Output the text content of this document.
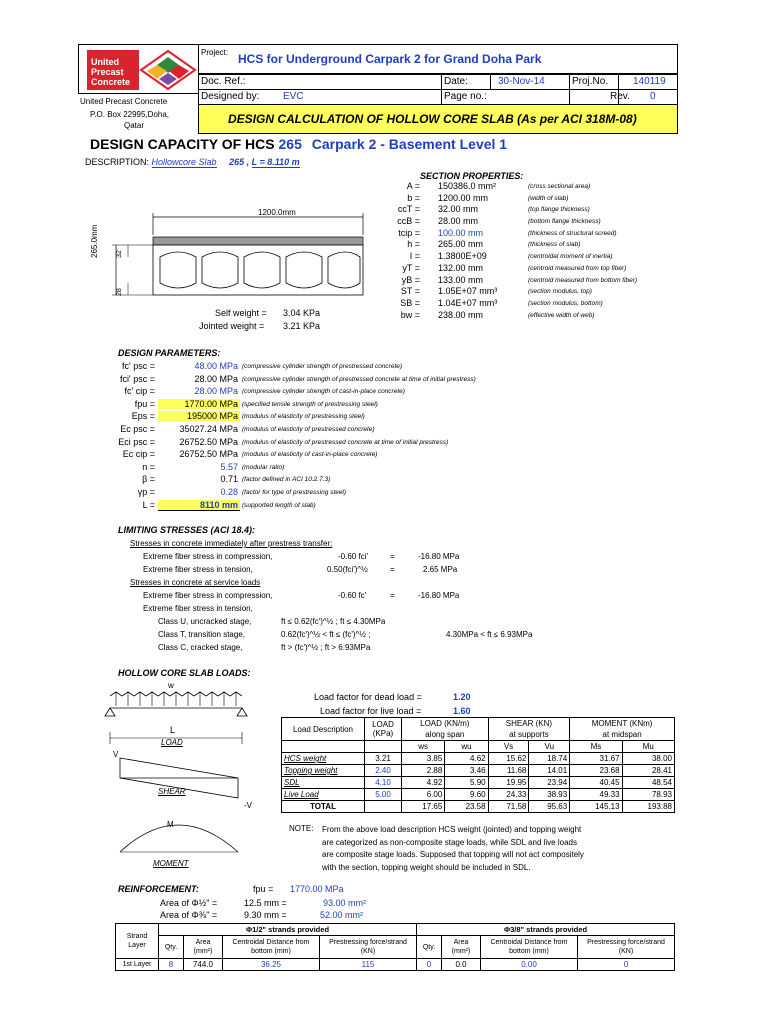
United
Precast
Concrete
United Precast Concrete
P.O. Box 22995,Doha,
Qatar
Project: HCS for Underground Carpark 2 for Grand Doha Park
Doc. Ref.:	Date:	30-Nov-14	Proj.No. 140119
Designed by: EVC	Page no.:	Rev. 0
DESIGN CALCULATION OF HOLLOW CORE SLAB (As per ACI 318M-08)
DESIGN CAPACITY OF HCS 265 Carpark 2 - Basement Level 1
DESCRIPTION: Hollowcore Slab 265 , L = 8.110 m
SECTION PROPERTIES:
A = 150386.0 mm²	(cross sectional area)
b = 1200.00 mm	(width of slab)
ccT = 32.00 mm	(top flange thickness)
ccB = 28.00 mm	(bottom flange thickness)
tcip = 100.00 mm	(thickness of structural screed)
h = 265.00 mm	(thickness of slab)
I = 1.3800E+09	(centroidal moment of inertia)
yT = 132.00 mm	(centroid measured from top fiber)
yB = 133.00 mm	(centroid measured from bottom fiber)
ST = 1.05E+07 mm³	(section modulus, top)
SB = 1.04E+07 mm³	(section modulus, bottom)
bw = 238.00 mm	(effective width of web)
1200.0mm
265.0mm 32
28
Self weight = 3.04 KPa
Jointed weight = 3.21 KPa
DESIGN PARAMETERS:
fc' psc =	48.00 MPa (compressive cylinder strength of prestressed concrete)
fci' psc =	28.00 MPa (compressive cylinder strength of prestressed concrete at time of initial prestress)
fc' cip =	28.00 MPa (compressive cylinder strength of cast-in-place concrete)
fpu =	1770.00 MPa (specified tensile strength of prestressing steel)
Eps =	195000 MPa (modulus of elasticity of prestressing steel)
Ec psc =	35027.24 MPa (modulus of elasticity of prestressed concrete)
Eci psc =	26752.50 MPa (modulus of elasticity of prestressed concrete at time of initial prestress)
Ec cip =	26752.50 MPa (modulus of elasticity of cast-in-place concrete)
n =	5.57 (modular ratio)
β =	0.71 (factor defined in ACI 10.2.7.3)
γp =	0.28 (factor for type of prestressing steel)
L =	8110 mm (supported length of slab)
LIMITING STRESSES (ACI 18.4):
Stresses in concrete immediately after prestress transfer:
Extreme fiber stress in compression,	-0.60 fci'	=	-16.80 MPa
Extreme fiber stress in tension,	0.50(fci')^½	=	2.65 MPa
Stresses in concrete at service loads
Extreme fiber stress in compression,	-0.60 fc'	=	-16.80 MPa
Extreme fiber stress in tension,
Class U, uncracked stage,	ft ≤ 0.62(fc')^½ ; ft ≤ 4.30MPa
Class T, transition stage,	0.62(fc')^½ < ft ≤ (fc')^½ ;	4.30MPa < ft ≤ 6.93MPa
Class C, cracked stage,	ft > (fc')^½ ; ft > 6.93MPa
HOLLOW CORE SLAB LOADS:
w
L
LOAD
V
-V
SHEAR
M
MOMENT
Load factor for dead load =	1.20
Load factor for live load =	1.60
Load Description	LOAD
(KPa)	LOAD (KN/m)		SHEAR (KN)		MOMENT (KNm)	
		along span		at supports		at midspan	
		ws	wu	Vs	Vu	Ms	Mu
HCS weight	3.21	3.85	4.62	15.62	18.74	31.67	38.00
Topping weight	2.40	2.88	3.46	11.68	14.01	23.68	28.41
SDL	4.10	4.92	5.90	19.95	23.94	40.45	48.54
Live Load	5.00	6.00	9.60	24.33	38.93	49.33	78.93
TOTAL		17.65	23.58	71.58	95.63	145.13	193.88
NOTE: From the above load description HCS weight (jointed) and topping weight
are categorized as non-composite stage loads, while SDL and live loads
are composite stage loads. Supposed that topping will not act compositely
with the section, topping weight should be included in SDL.
REINFORCEMENT:	fpu = 1770.00 MPa
Area of Φ½" =	12.5 mm =	93.00 mm²
Area of Φ⅜" =	9.30 mm =	52.00 mm²
Strand Layer	Φ1/2" strands provided				Φ3/8" strands provided			
	Qty.	Area (mm²)	Centroidal Distance from bottom (mm)	Prestressing force/strand (KN)	Qty.	Area (mm²)	Centroidal Distance from bottom (mm)	Prestressing force/strand (KN)
1st Layer	8	744.0	36.25	115	0	0.0	0.00	0
